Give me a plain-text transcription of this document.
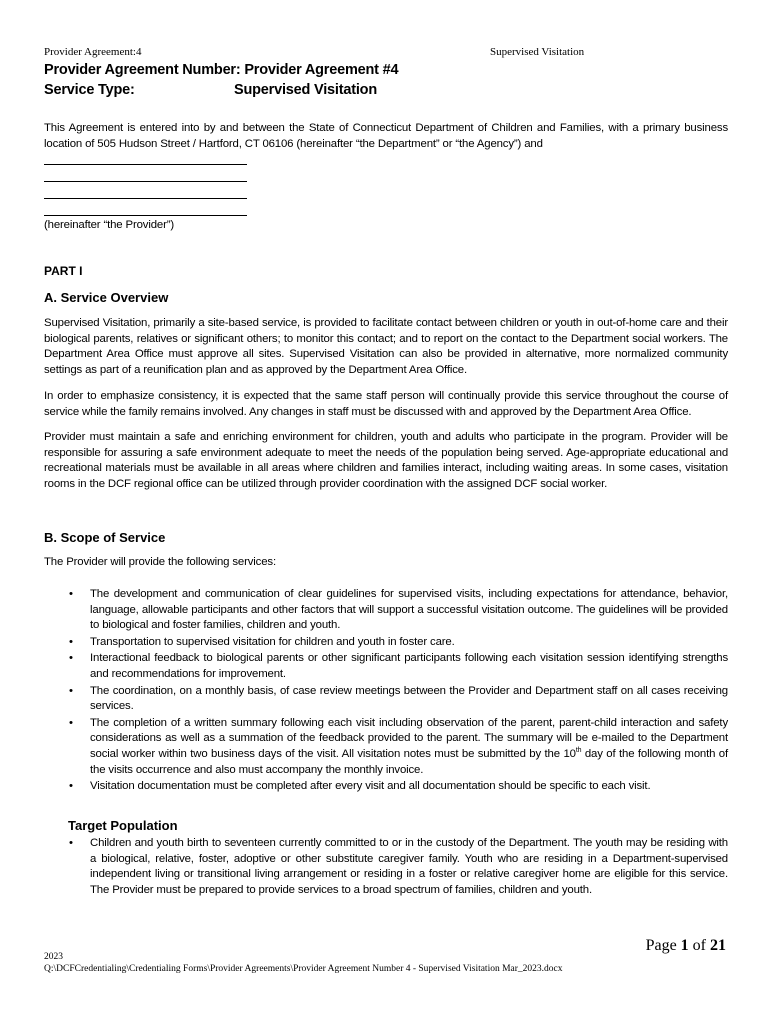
Provider Agreement:4	Supervised Visitation
Provider Agreement Number: Provider Agreement #4
Service Type:	Supervised Visitation

This Agreement is entered into by and between the State of Connecticut Department of Children and Families, with a primary business location of 505 Hudson Street / Hartford, CT 06106 (hereinafter “the Department” or “the Agency”) and

(hereinafter “the Provider”)
PART I
A. Service Overview

Supervised Visitation, primarily a site-based service, is provided to facilitate contact between children or youth in out-of-home care and their biological parents, relatives or significant others; to monitor this contact; and to report on the contact to the Department social workers. The Department Area Office must approve all sites. Supervised Visitation can also be provided in alternative, more normalized community settings as part of a reunification plan and as approved by the Department Area Office.

In order to emphasize consistency, it is expected that the same staff person will continually provide this service throughout the course of service while the family remains involved. Any changes in staff must be discussed with and approved by the Department Area Office.

Provider must maintain a safe and enriching environment for children, youth and adults who participate in the program. Provider will be responsible for assuring a safe environment adequate to meet the needs of the population being served. Age-appropriate educational and recreational materials must be available in all areas where children and families interact, including waiting areas. In some cases, visitation rooms in the DCF regional office can be utilized through provider coordination with the assigned DCF social worker.

B. Scope of Service
The Provider will provide the following services:
• The development and communication of clear guidelines for supervised visits, including expectations for attendance, behavior, language, allowable participants and other factors that will support a successful visitation outcome. The guidelines will be provided to biological and foster families, children and youth.
• Transportation to supervised visitation for children and youth in foster care.
• Interactional feedback to biological parents or other significant participants following each visitation session identifying strengths and recommendations for improvement.
• The coordination, on a monthly basis, of case review meetings between the Provider and Department staff on all cases receiving services.
• The completion of a written summary following each visit including observation of the parent, parent-child interaction and safety considerations as well as a summation of the feedback provided to the parent. The summary will be e-mailed to the Department social worker within two business days of the visit. All visitation notes must be submitted by the 10th day of the following month of the visits occurrence and also must accompany the monthly invoice.
• Visitation documentation must be completed after every visit and all documentation should be specific to each visit.
Target Population
• Children and youth birth to seventeen currently committed to or in the custody of the Department. The youth may be residing with a biological, relative, foster, adoptive or other substitute caregiver family. Youth who are residing in a Department-supervised independent living or transitional living arrangement or residing in a foster or relative caregiver home are eligible for this service. The Provider must be prepared to provide services to a broad spectrum of families, children and youth.
Page 1 of 21
2023
Q:\DCFCredentialing\Credentialing Forms\Provider Agreements\Provider Agreement Number 4 - Supervised Visitation Mar_2023.docx
